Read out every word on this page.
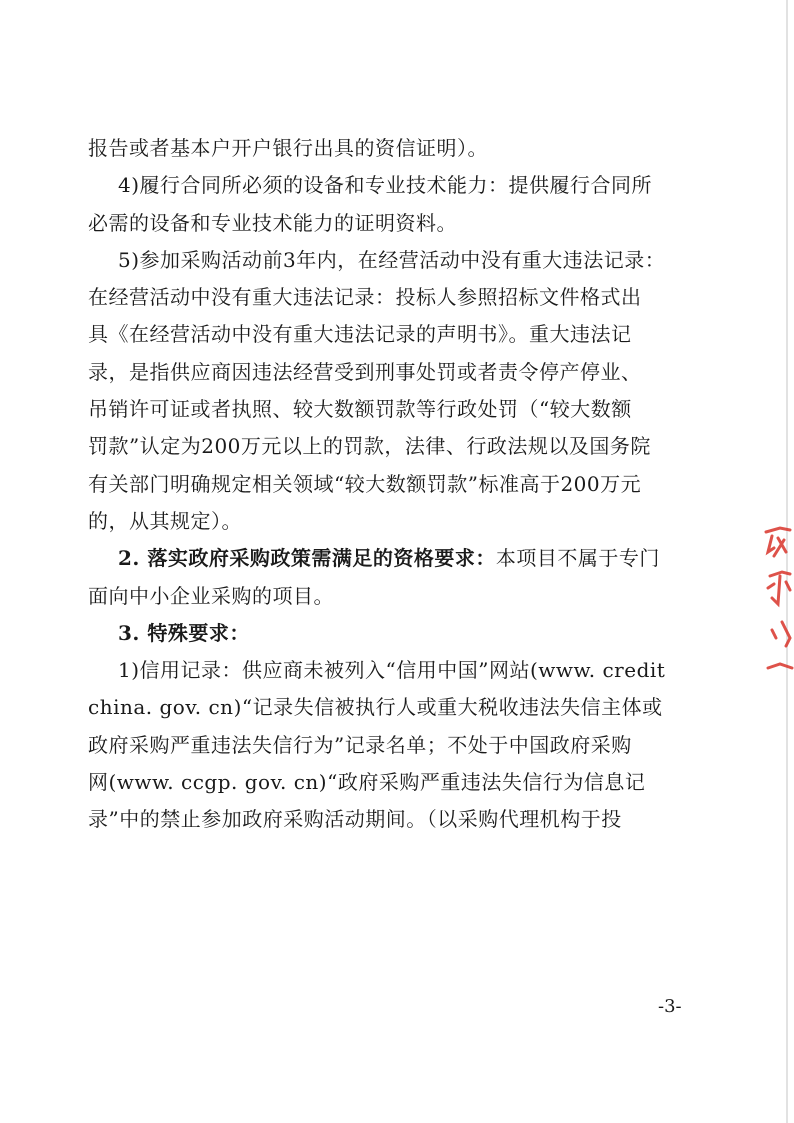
报告或者基本户开户银行出具的资信证明）。
4)履行合同所必须的设备和专业技术能力：提供履行合同所
必需的设备和专业技术能力的证明资料。
5)参加采购活动前3年内，在经营活动中没有重大违法记录：
在经营活动中没有重大违法记录：投标人参照招标文件格式出
具《在经营活动中没有重大违法记录的声明书》。重大违法记
录，是指供应商因违法经营受到刑事处罚或者责令停产停业、
吊销许可证或者执照、较大数额罚款等行政处罚（“较大数额
罚款”认定为200万元以上的罚款，法律、行政法规以及国务院
有关部门明确规定相关领域“较大数额罚款”标准高于200万元
的，从其规定）。
2. 落实政府采购政策需满足的资格要求：本项目不属于专门
面向中小企业采购的项目。
3. 特殊要求：
1)信用记录：供应商未被列入“信用中国”网站(www. credit
china. gov. cn)“记录失信被执行人或重大税收违法失信主体或
政府采购严重违法失信行为”记录名单；不处于中国政府采购
网(www. ccgp. gov. cn)“政府采购严重违法失信行为信息记
录”中的禁止参加政府采购活动期间。（以采购代理机构于投
-3-
